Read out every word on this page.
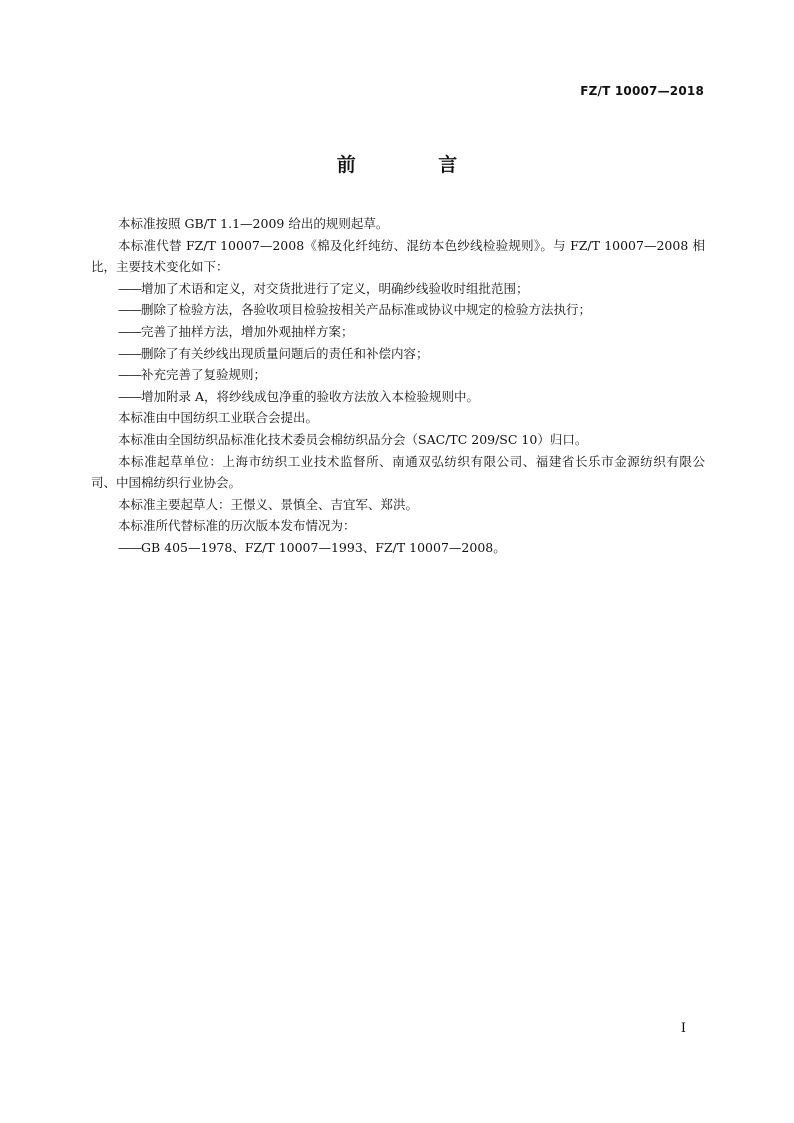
FZ/T 10007—2018
前 言

本标准按照 GB/T 1.1—2009 给出的规则起草。

本标准代替 FZ/T 10007—2008《棉及化纤纯纺、混纺本色纱线检验规则》。与 FZ/T 10007—2008 相比，主要技术变化如下：

——增加了术语和定义，对交货批进行了定义，明确纱线验收时组批范围；

——删除了检验方法，各验收项目检验按相关产品标准或协议中规定的检验方法执行；

——完善了抽样方法，增加外观抽样方案；

——删除了有关纱线出现质量问题后的责任和补偿内容；

——补充完善了复验规则；

——增加附录 A，将纱线成包净重的验收方法放入本检验规则中。

本标准由中国纺织工业联合会提出。

本标准由全国纺织品标准化技术委员会棉纺织品分会（SAC/TC 209/SC 10）归口。

本标准起草单位：上海市纺织工业技术监督所、南通双弘纺织有限公司、福建省长乐市金源纺织有限公司、中国棉纺织行业协会。

本标准主要起草人：王憬义、景慎全、吉宜军、郑洪。

本标准所代替标准的历次版本发布情况为：

——GB 405—1978、FZ/T 10007—1993、FZ/T 10007—2008。

I
